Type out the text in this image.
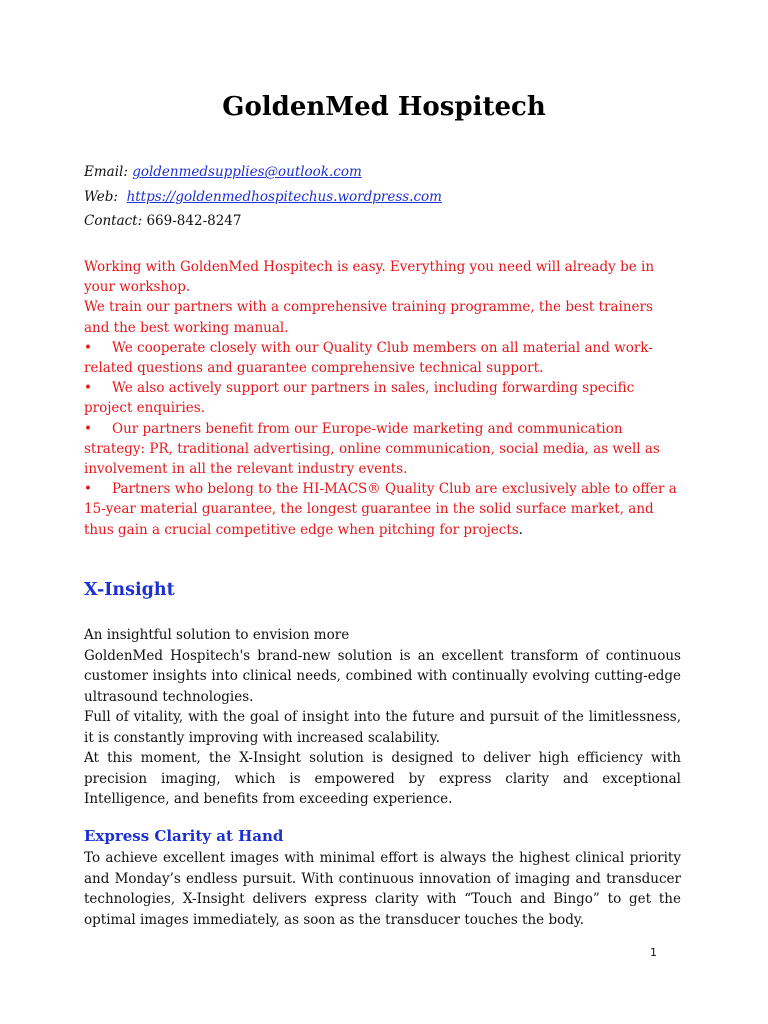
GoldenMed Hospitech
Email: goldenmedsupplies@outlook.com
Web: https://goldenmedhospitechus.wordpress.com
Contact: 669-842-8247

Working with GoldenMed Hospitech is easy. Everything you need will already be in your workshop.

We train our partners with a comprehensive training programme, the best trainers and the best working manual.

• We cooperate closely with our Quality Club members on all material and work-related questions and guarantee comprehensive technical support.

• We also actively support our partners in sales, including forwarding specific project enquiries.

• Our partners benefit from our Europe-wide marketing and communication strategy: PR, traditional advertising, online communication, social media, as well as involvement in all the relevant industry events.

• Partners who belong to the HI-MACS® Quality Club are exclusively able to offer a 15-year material guarantee, the longest guarantee in the solid surface market, and thus gain a crucial competitive edge when pitching for projects.

X-Insight

An insightful solution to envision more

GoldenMed Hospitech's brand-new solution is an excellent transform of continuous customer insights into clinical needs, combined with continually evolving cutting-edge ultrasound technologies.

Full of vitality, with the goal of insight into the future and pursuit of the limitlessness, it is constantly improving with increased scalability.

At this moment, the X-Insight solution is designed to deliver high efficiency with precision imaging, which is empowered by express clarity and exceptional Intelligence, and benefits from exceeding experience.

Express Clarity at Hand
To achieve excellent images with minimal effort is always the highest clinical priority and Monday’s endless pursuit. With continuous innovation of imaging and transducer technologies, X-Insight delivers express clarity with “Touch and Bingo” to get the optimal images immediately, as soon as the transducer touches the body.
1
